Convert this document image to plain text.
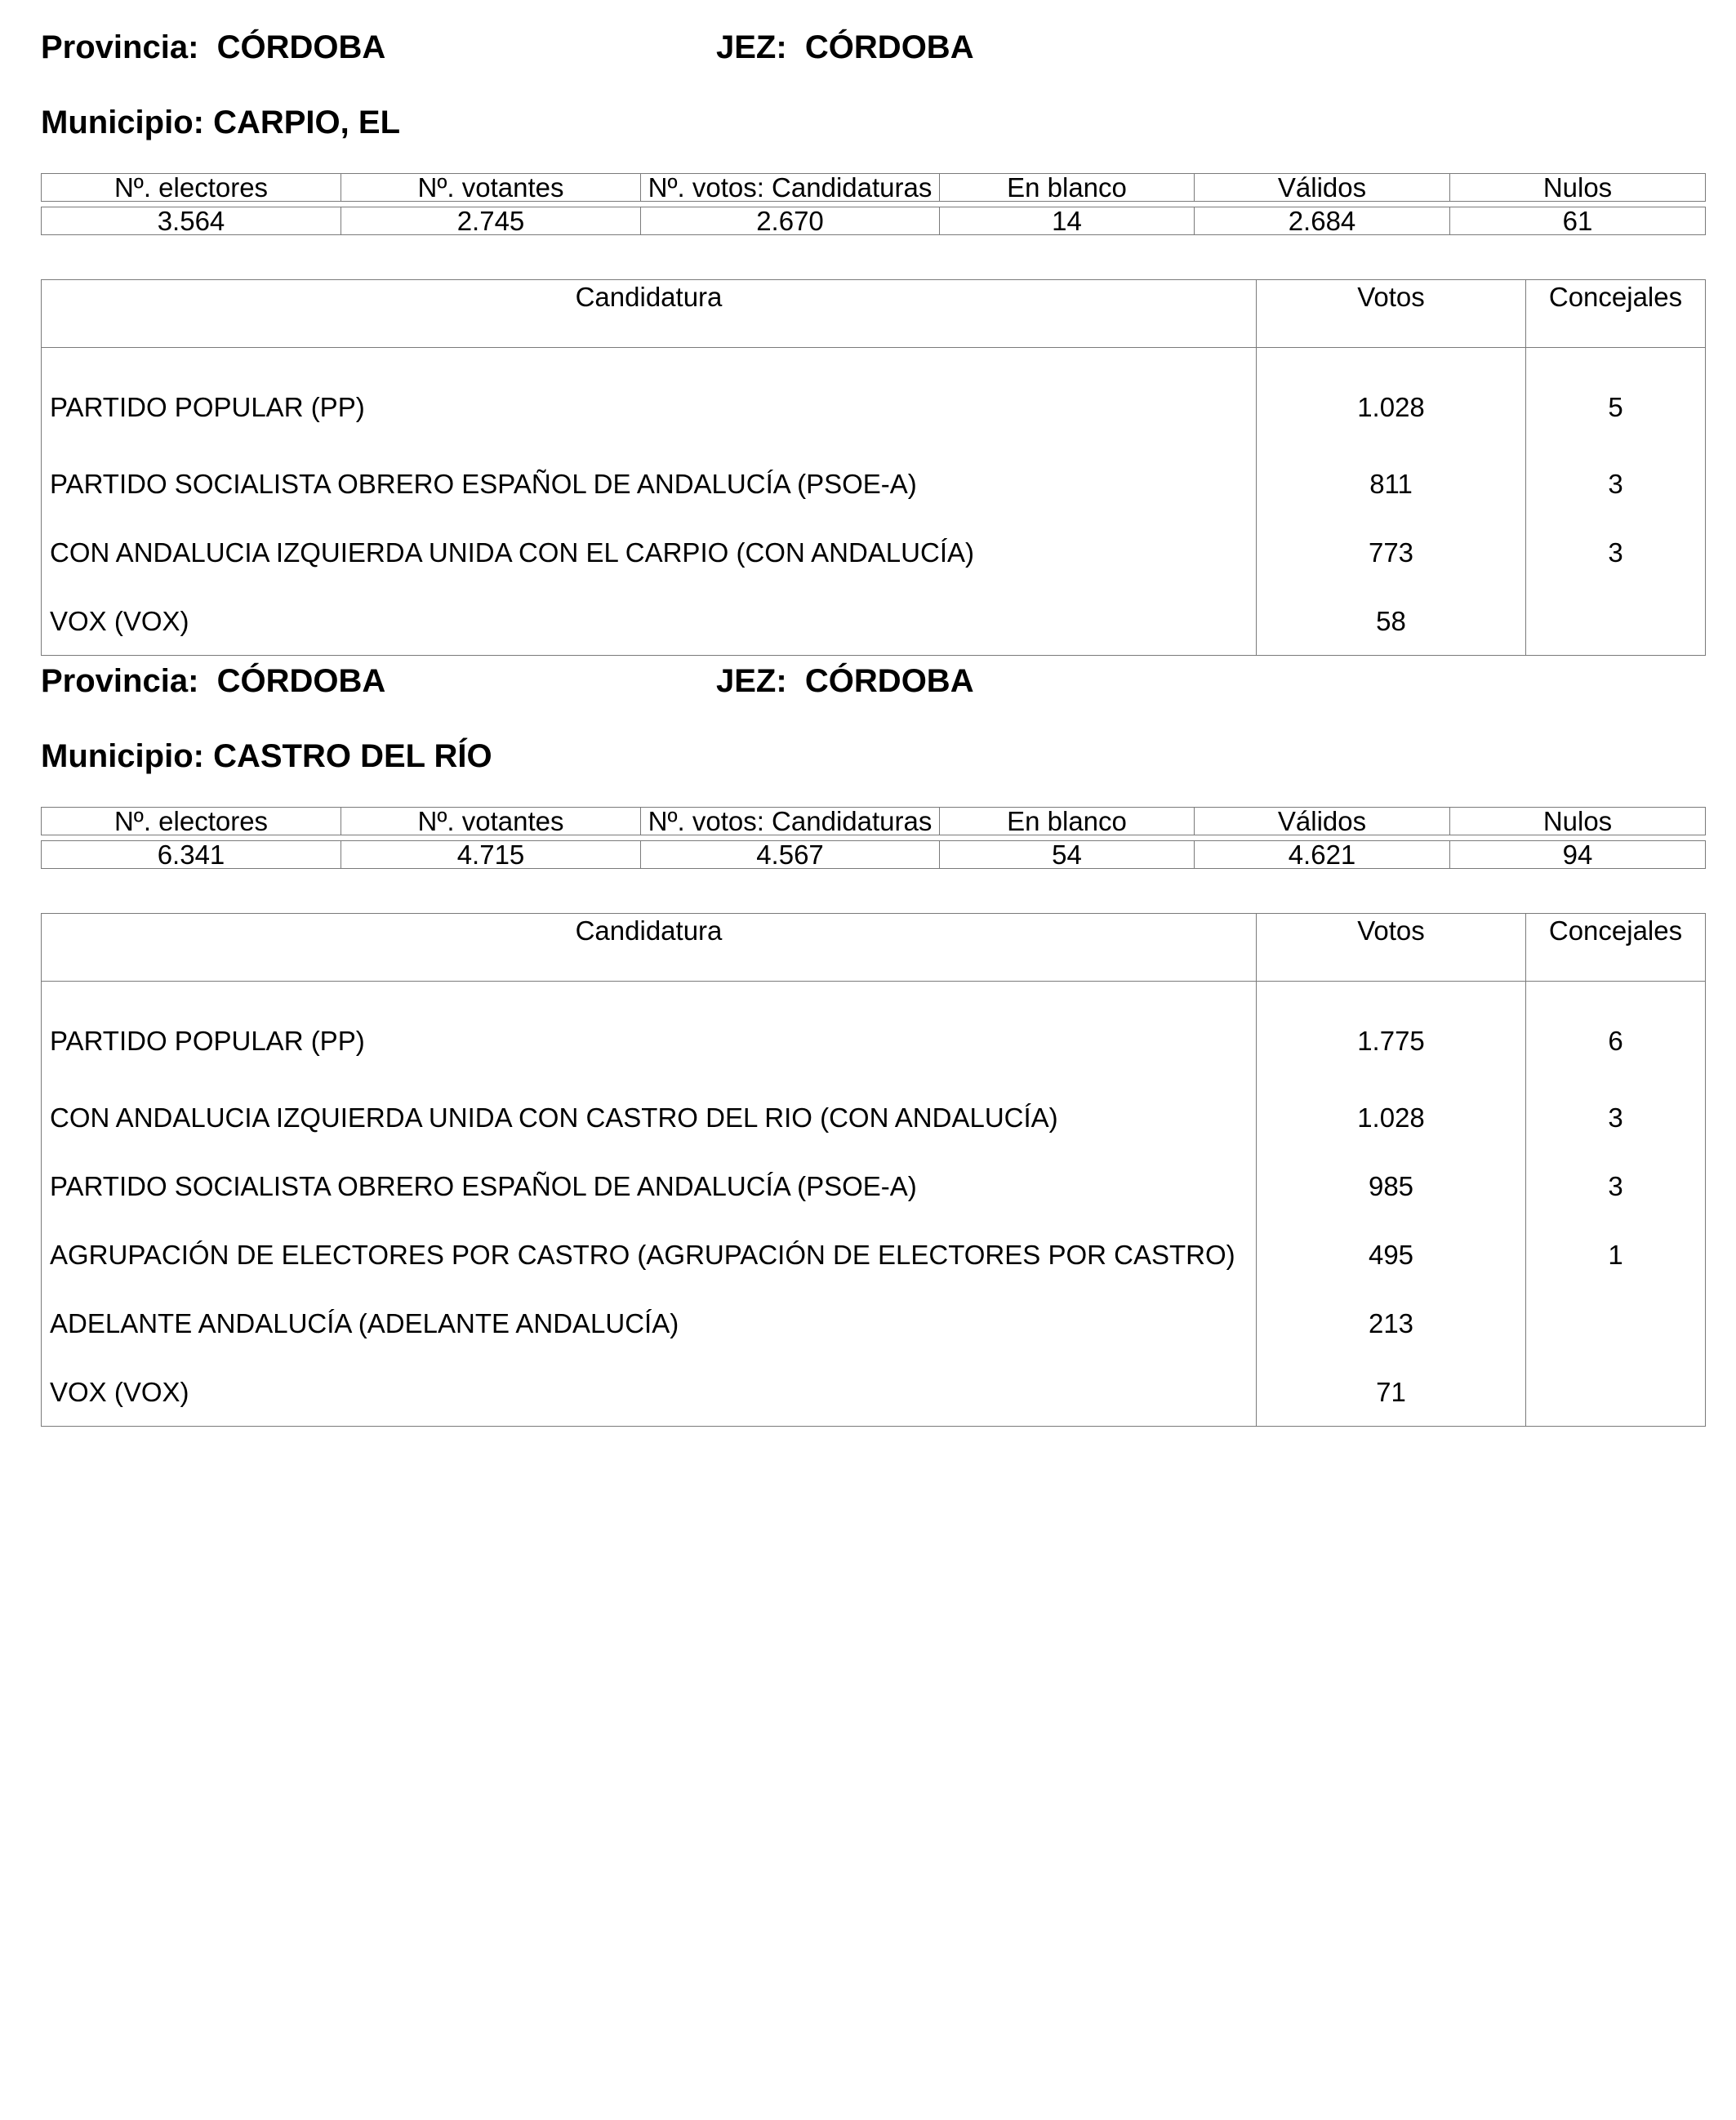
Provincia: CÓRDOBA	JEZ: CÓRDOBA
Municipio: CARPIO, EL
Nº. electores	Nº. votantes	Nº. votos: Candidaturas	En blanco	Válidos	Nulos

3.564	2.745	2.670	14	2.684	61
Candidatura	Votos	Concejales
PARTIDO POPULAR (PP)	1.028	5
PARTIDO SOCIALISTA OBRERO ESPAÑOL DE ANDALUCÍA (PSOE-A)	811	3
CON ANDALUCIA IZQUIERDA UNIDA CON EL CARPIO (CON ANDALUCÍA)	773	3
VOX (VOX)	58	
Provincia: CÓRDOBA	JEZ: CÓRDOBA
Municipio: CASTRO DEL RÍO
Nº. electores	Nº. votantes	Nº. votos: Candidaturas	En blanco	Válidos	Nulos

6.341	4.715	4.567	54	4.621	94
Candidatura	Votos	Concejales
PARTIDO POPULAR (PP)	1.775	6
CON ANDALUCIA IZQUIERDA UNIDA CON CASTRO DEL RIO (CON ANDALUCÍA)	1.028	3
PARTIDO SOCIALISTA OBRERO ESPAÑOL DE ANDALUCÍA (PSOE-A)	985	3
AGRUPACIÓN DE ELECTORES POR CASTRO (AGRUPACIÓN DE ELECTORES POR CASTRO)	495	1
ADELANTE ANDALUCÍA (ADELANTE ANDALUCÍA)	213	
VOX (VOX)	71	
